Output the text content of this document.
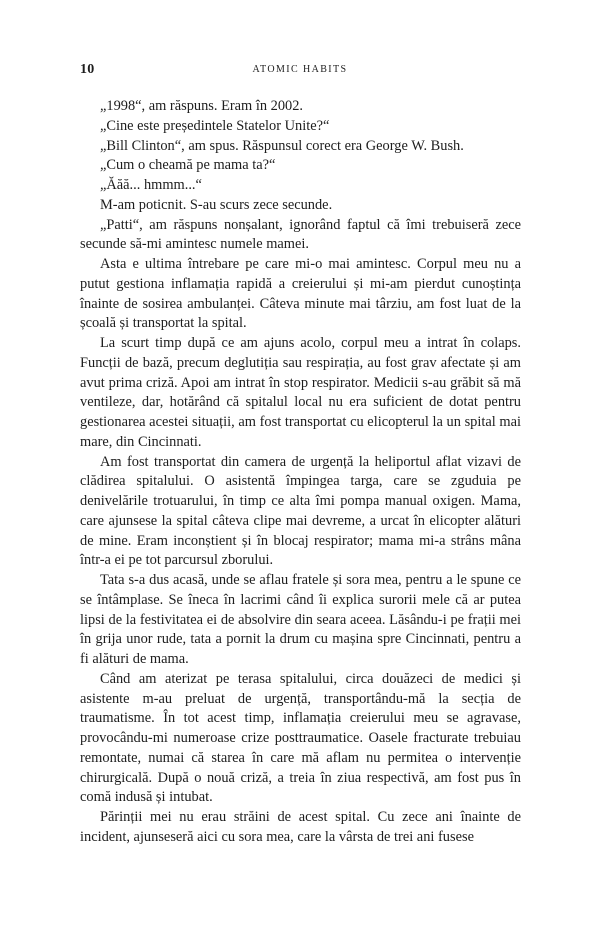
10	ATOMIC HABITS

„1998“, am răspuns. Eram în 2002.

„Cine este președintele Statelor Unite?“

„Bill Clinton“, am spus. Răspunsul corect era George W. Bush.

„Cum o cheamă pe mama ta?“

„Ăăă... hmmm...“

M-am poticnit. S-au scurs zece secunde.

„Patti“, am răspuns nonșalant, ignorând faptul că îmi trebuiseră zece secunde să-mi amintesc numele mamei.

Asta e ultima întrebare pe care mi-o mai amintesc. Corpul meu nu a putut gestiona inflamația rapidă a creierului și mi-am pierdut cunoștința înainte de sosirea ambulanței. Câteva minute mai târziu, am fost luat de la școală și transportat la spital.

La scurt timp după ce am ajuns acolo, corpul meu a intrat în colaps. Funcții de bază, precum deglutiția sau respirația, au fost grav afectate și am avut prima criză. Apoi am intrat în stop respirator. Medicii s-au grăbit să mă ventileze, dar, hotărând că spitalul local nu era suficient de dotat pentru gestionarea acestei situații, am fost transportat cu elicopterul la un spital mai mare, din Cincinnati.

Am fost transportat din camera de urgență la heliportul aflat vizavi de clădirea spitalului. O asistentă împingea targa, care se zguduia pe denivelările trotuarului, în timp ce alta îmi pompa manual oxigen. Mama, care ajunsese la spital câteva clipe mai devreme, a urcat în elicopter alături de mine. Eram inconștient și în blocaj respirator; mama mi-a strâns mâna într-a ei pe tot parcursul zborului.

Tata s-a dus acasă, unde se aflau fratele și sora mea, pentru a le spune ce se întâmplase. Se îneca în lacrimi când îi explica surorii mele că ar putea lipsi de la festivitatea ei de absolvire din seara aceea. Lăsându-i pe frații mei în grija unor rude, tata a pornit la drum cu mașina spre Cincinnati, pentru a fi alături de mama.

Când am aterizat pe terasa spitalului, circa douăzeci de medici și asistente m-au preluat de urgență, transportându-mă la secția de traumatisme. În tot acest timp, inflamația creierului meu se agravase, provocându-mi numeroase crize posttraumatice. Oasele fracturate trebuiau remontate, numai că starea în care mă aflam nu permitea o intervenție chirurgicală. După o nouă criză, a treia în ziua respectivă, am fost pus în comă indusă și intubat.

Părinții mei nu erau străini de acest spital. Cu zece ani înainte de incident, ajunseseră aici cu sora mea, care la vârsta de trei ani fusese
